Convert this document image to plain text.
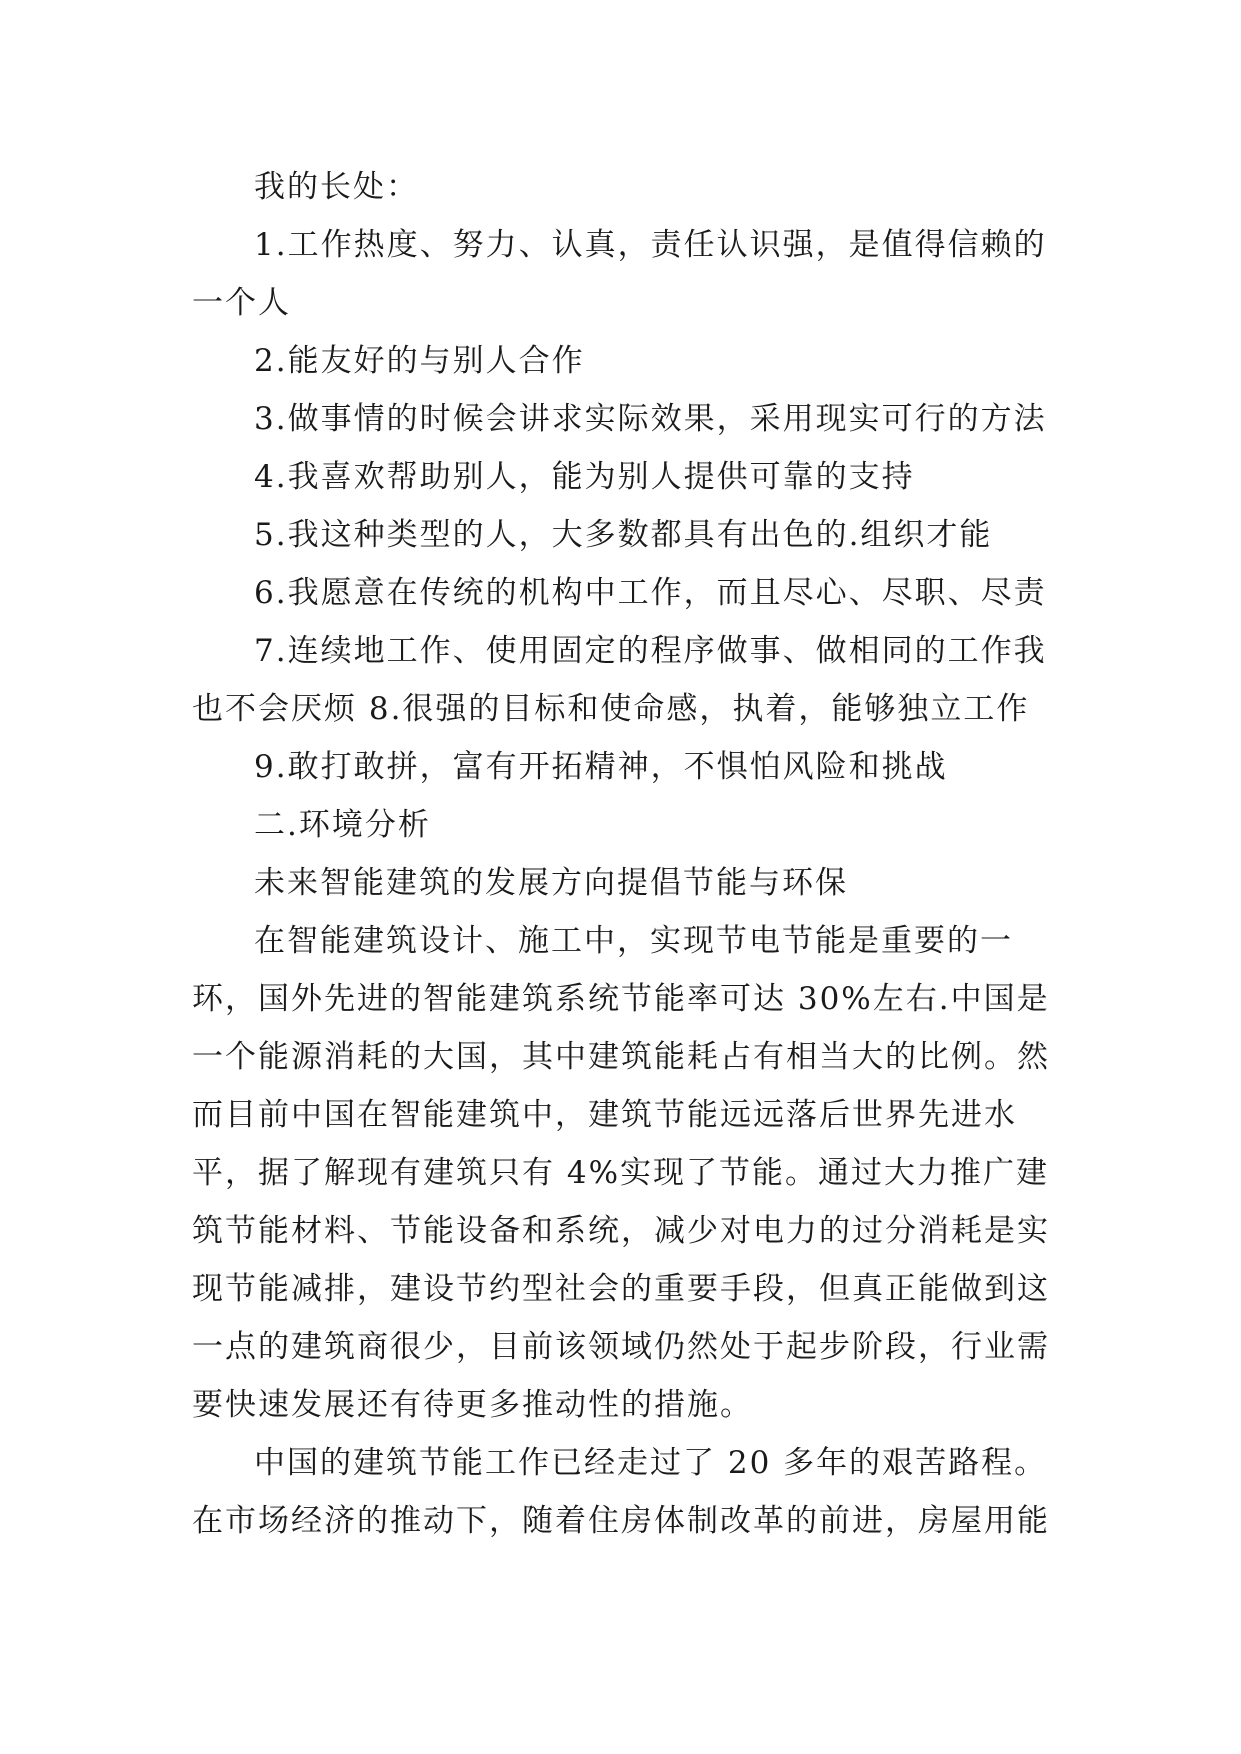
我的长处：

1.工作热度、努力、认真，责任认识强，是值得信赖的一个人

2.能友好的与别人合作

3.做事情的时候会讲求实际效果，采用现实可行的方法

4.我喜欢帮助别人，能为别人提供可靠的支持

5.我这种类型的人，大多数都具有出色的.组织才能

6.我愿意在传统的机构中工作，而且尽心、尽职、尽责

7.连续地工作、使用固定的程序做事、做相同的工作我也不会厌烦 8.很强的目标和使命感，执着，能够独立工作

9.敢打敢拼，富有开拓精神，不惧怕风险和挑战

二.环境分析

未来智能建筑的发展方向提倡节能与环保

在智能建筑设计、施工中，实现节电节能是重要的一环，国外先进的智能建筑系统节能率可达 30%左右.中国是一个能源消耗的大国，其中建筑能耗占有相当大的比例。然而目前中国在智能建筑中，建筑节能远远落后世界先进水平，据了解现有建筑只有 4%实现了节能。通过大力推广建筑节能材料、节能设备和系统，减少对电力的过分消耗是实现节能减排，建设节约型社会的重要手段，但真正能做到这一点的建筑商很少，目前该领域仍然处于起步阶段，行业需要快速发展还有待更多推动性的措施。

中国的建筑节能工作已经走过了 20 多年的艰苦路程。在市场经济的推动下，随着住房体制改革的前进，房屋用能
